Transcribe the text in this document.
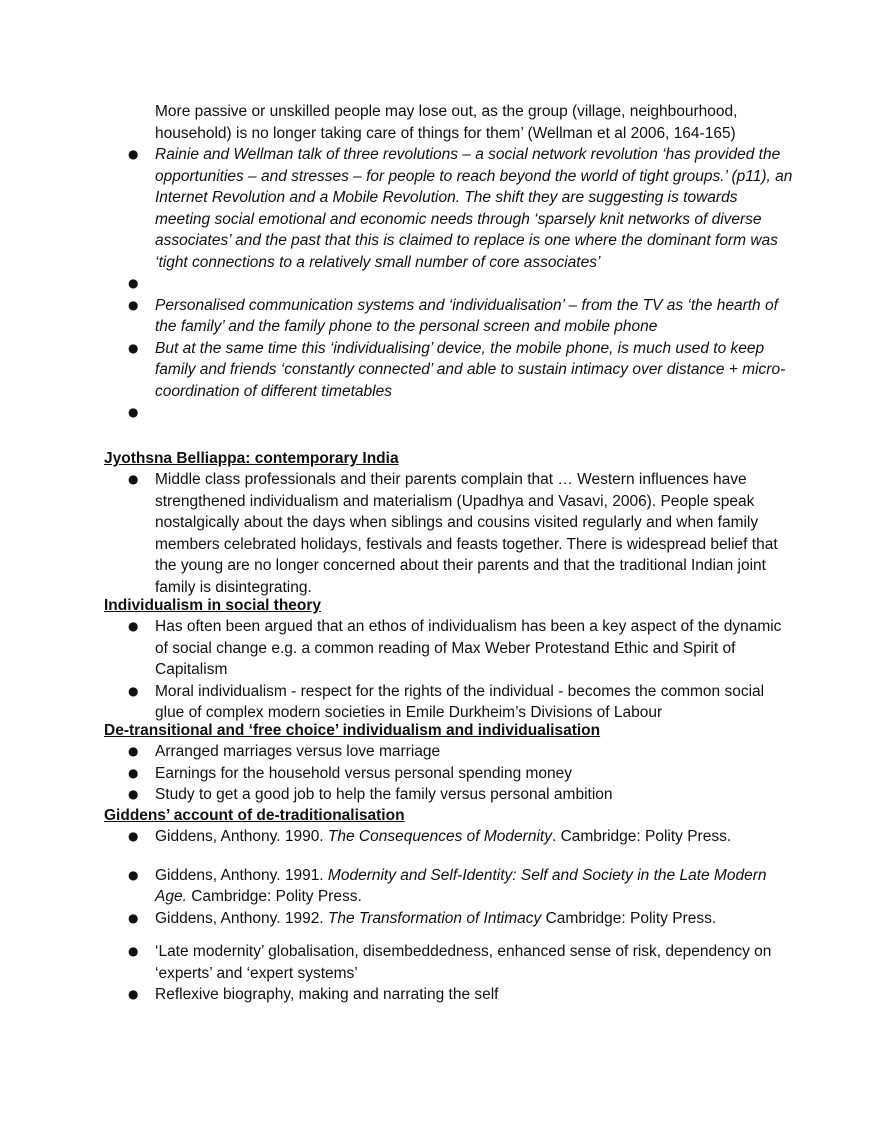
More passive or unskilled people may lose out, as the group (village, neighbourhood, household) is no longer taking care of things for them’ (Wellman et al 2006, 164-165)

●	Rainie and Wellman talk of three revolutions – a social network revolution ‘has provided the opportunities – and stresses – for people to reach beyond the world of tight groups.’ (p11), an Internet Revolution and a Mobile Revolution. The shift they are suggesting is towards meeting social emotional and economic needs through ‘sparsely knit networks of diverse associates’ and the past that this is claimed to replace is one where the dominant form was ‘tight connections to a relatively small number of core associates’
●
●	Personalised communication systems and ‘individualisation’ – from the TV as ‘the hearth of the family’ and the family phone to the personal screen and mobile phone
●	But at the same time this ‘individualising’ device, the mobile phone, is much used to keep family and friends ‘constantly connected’ and able to sustain intimacy over distance + micro-coordination of different timetables
●
Jyothsna Belliappa: contemporary India
●	Middle class professionals and their parents complain that … Western influences have strengthened individualism and materialism (Upadhya and Vasavi, 2006). People speak nostalgically about the days when siblings and cousins visited regularly and when family members celebrated holidays, festivals and feasts together. There is widespread belief that the young are no longer concerned about their parents and that the traditional Indian joint family is disintegrating.
Individualism in social theory
●	Has often been argued that an ethos of individualism has been a key aspect of the dynamic of social change e.g. a common reading of Max Weber Protestand Ethic and Spirit of Capitalism
●	Moral individualism - respect for the rights of the individual - becomes the common social glue of complex modern societies in Emile Durkheim’s Divisions of Labour
De-transitional and ‘free choice’ individualism and individualisation
●	Arranged marriages versus love marriage
●	Earnings for the household versus personal spending money
●	Study to get a good job to help the family versus personal ambition
Giddens’ account of de-traditionalisation
●	Giddens, Anthony. 1990. The Consequences of Modernity. Cambridge: Polity Press.
●	Giddens, Anthony. 1991. Modernity and Self-Identity: Self and Society in the Late Modern Age. Cambridge: Polity Press.
●	Giddens, Anthony. 1992. The Transformation of Intimacy Cambridge: Polity Press.
●	‘Late modernity’ globalisation, disembeddedness, enhanced sense of risk, dependency on ‘experts’ and ‘expert systems’
●	Reflexive biography, making and narrating the self
